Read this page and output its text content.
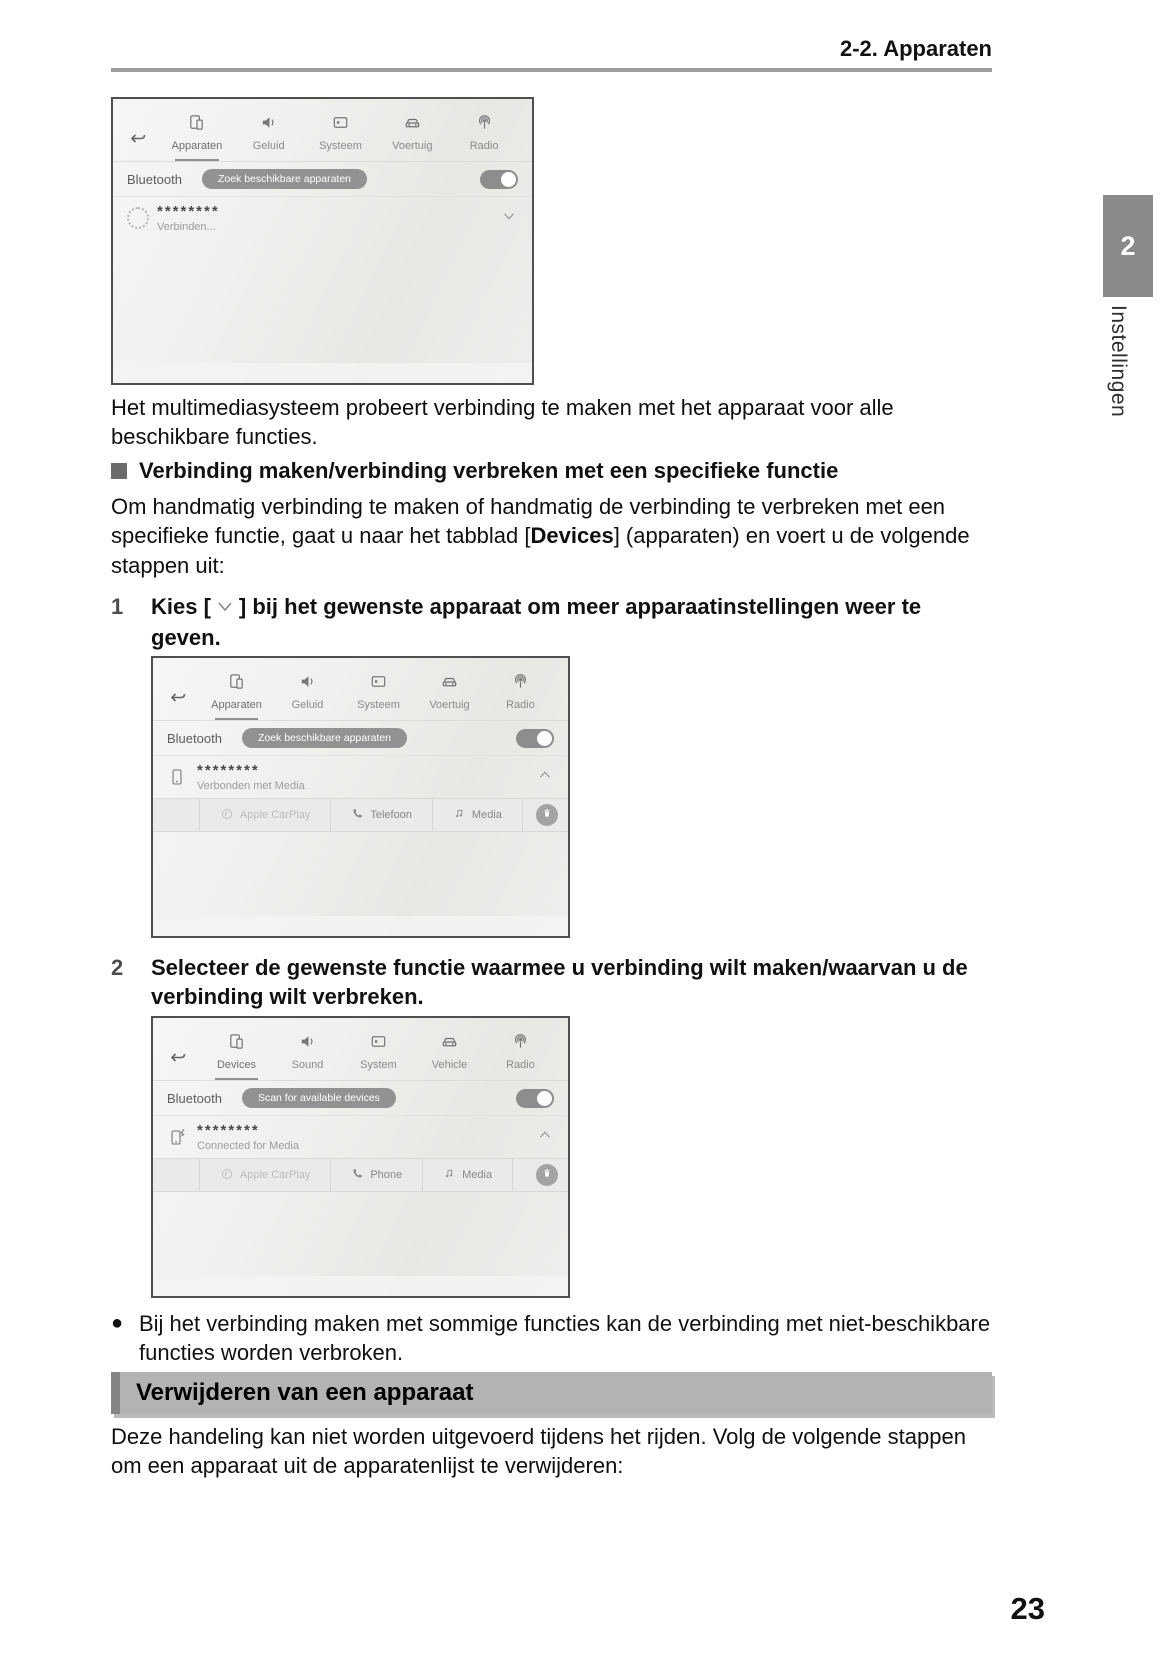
2-2. Apparaten
2
Instellingen
Apparaten	Geluid	Systeem	Voertuig	Radio
Bluetooth	Zoek beschikbare apparaten
********
Verbinden...
Het multimediasysteem probeert verbinding te maken met het apparaat voor alle beschikbare functies.
Verbinding maken/verbinding verbreken met een specifieke functie
Om handmatig verbinding te maken of handmatig de verbinding te verbreken met een specifieke functie, gaat u naar het tabblad [Devices] (apparaten) en voert u de volgende stappen uit:
1	Kies [ ] bij het gewenste apparaat om meer apparaatinstellingen weer te geven.
Apparaten	Geluid	Systeem	Voertuig	Radio
Bluetooth	Zoek beschikbare apparaten
********
Verbonden met Media
Apple CarPlay	Telefoon	Media
2	Selecteer de gewenste functie waarmee u verbinding wilt maken/waarvan u de verbinding wilt verbreken.
Devices	Sound	System	Vehicle	Radio
Bluetooth	Scan for available devices
********
Connected for Media
Apple CarPlay	Phone	Media
● Bij het verbinding maken met sommige functies kan de verbinding met niet-beschikbare functies worden verbroken.
Verwijderen van een apparaat
Deze handeling kan niet worden uitgevoerd tijdens het rijden. Volg de volgende stappen om een apparaat uit de apparatenlijst te verwijderen:
23
